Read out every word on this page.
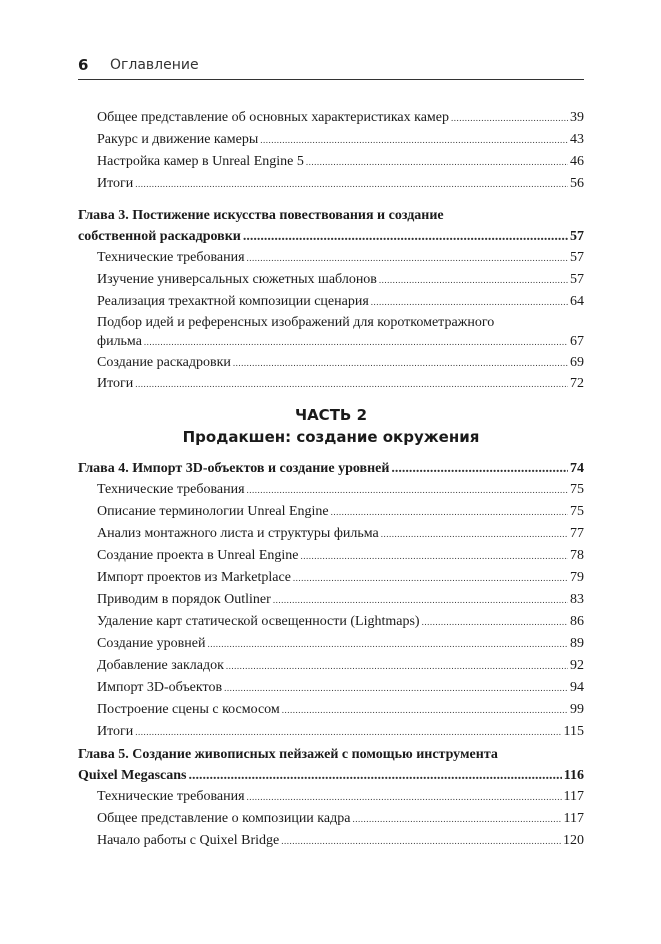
6 Оглавление
Общее представление об основных характеристиках камер .....	39
Ракурс и движение камеры .....	43
Настройка камер в Unreal Engine 5 .....	46
Итоги .....	56
Глава 3. Постижение искусства повествования и создание
собственной раскадровки .....	57
Технические требования .....	57
Изучение универсальных сюжетных шаблонов .....	57
Реализация трехактной композиции сценария .....	64
Подбор идей и референсных изображений для короткометражного
фильма .....	67
Создание раскадровки .....	69
Итоги .....	72
ЧАСТЬ 2
Продакшен: создание окружения
Глава 4. Импорт 3D-объектов и создание уровней .....	74
Технические требования .....	75
Описание терминологии Unreal Engine .....	75
Анализ монтажного листа и структуры фильма .....	77
Создание проекта в Unreal Engine .....	78
Импорт проектов из Marketplace .....	79
Приводим в порядок Outliner .....	83
Удаление карт статической освещенности (Lightmaps) .....	86
Создание уровней .....	89
Добавление закладок .....	92
Импорт 3D-объектов .....	94
Построение сцены с космосом .....	99
Итоги .....	115
Глава 5. Создание живописных пейзажей с помощью инструмента
Quixel Megascans .....	116
Технические требования .....	117
Общее представление о композиции кадра .....	117
Начало работы с Quixel Bridge .....	120
